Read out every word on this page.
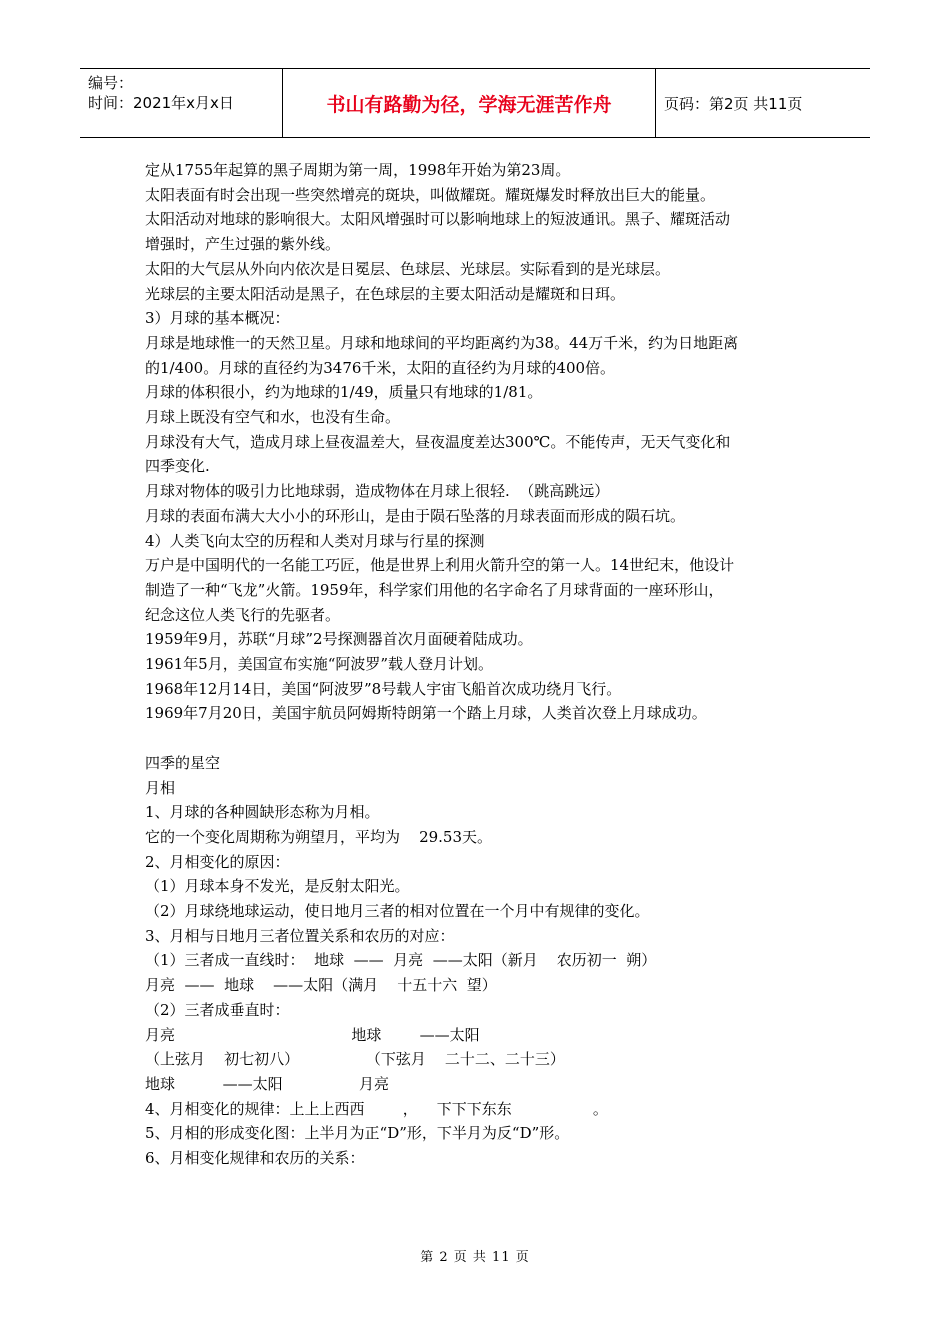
编号：
时间：2021年x月x日	书山有路勤为径，学海无涯苦作舟	页码：第2页 共11页

定从1755年起算的黑子周期为第一周，1998年开始为第23周。

太阳表面有时会出现一些突然增亮的斑块，叫做耀斑。耀斑爆发时释放出巨大的能量。

太阳活动对地球的影响很大。太阳风增强时可以影响地球上的短波通讯。黑子、耀斑活动

增强时，产生过强的紫外线。

太阳的大气层从外向内依次是日冕层、色球层、光球层。实际看到的是光球层。

光球层的主要太阳活动是黑子，在色球层的主要太阳活动是耀斑和日珥。

3）月球的基本概况：

月球是地球惟一的天然卫星。月球和地球间的平均距离约为38。44万千米，约为日地距离

的1/400。月球的直径约为3476千米，太阳的直径约为月球的400倍。

月球的体积很小，约为地球的1/49，质量只有地球的1/81。

月球上既没有空气和水，也没有生命。

月球没有大气，造成月球上昼夜温差大，昼夜温度差达300℃。不能传声，无天气变化和

四季变化.

月球对物体的吸引力比地球弱，造成物体在月球上很轻.  （跳高跳远）

月球的表面布满大大小小的环形山，是由于陨石坠落的月球表面而形成的陨石坑。

4）人类飞向太空的历程和人类对月球与行星的探测

万户是中国明代的一名能工巧匠，他是世界上利用火箭升空的第一人。14世纪末，他设计

制造了一种“飞龙”火箭。1959年，科学家们用他的名字命名了月球背面的一座环形山，

纪念这位人类飞行的先驱者。

1959年9月，苏联“月球”2号探测器首次月面硬着陆成功。

1961年5月，美国宣布实施“阿波罗”载人登月计划。

1968年12月14日，美国“阿波罗”8号载人宇宙飞船首次成功绕月飞行。

1969年7月20日，美国宇航员阿姆斯特朗第一个踏上月球，人类首次登上月球成功。

四季的星空

月相

1、月球的各种圆缺形态称为月相。

它的一个变化周期称为朔望月，平均为    29.53天。

2、月相变化的原因：

（1）月球本身不发光，是反射太阳光。

（2）月球绕地球运动，使日地月三者的相对位置在一个月中有规律的变化。

3、月相与日地月三者位置关系和农历的对应：

（1）三者成一直线时：  地球  ——  月亮  ——太阳（新月    农历初一  朔）

月亮  ——  地球    ——太阳（满月    十五十六  望）

（2）三者成垂直时：

月亮                                     地球        ——太阳

（上弦月    初七初八）              （下弦月    二十二、二十三）

地球          ——太阳                月亮

4、月相变化的规律：上上上西西        ，    下下下东东                 。

5、月相的形成变化图：上半月为正“D”形，下半月为反“D”形。

6、月相变化规律和农历的关系：

第 2 页 共 11 页
